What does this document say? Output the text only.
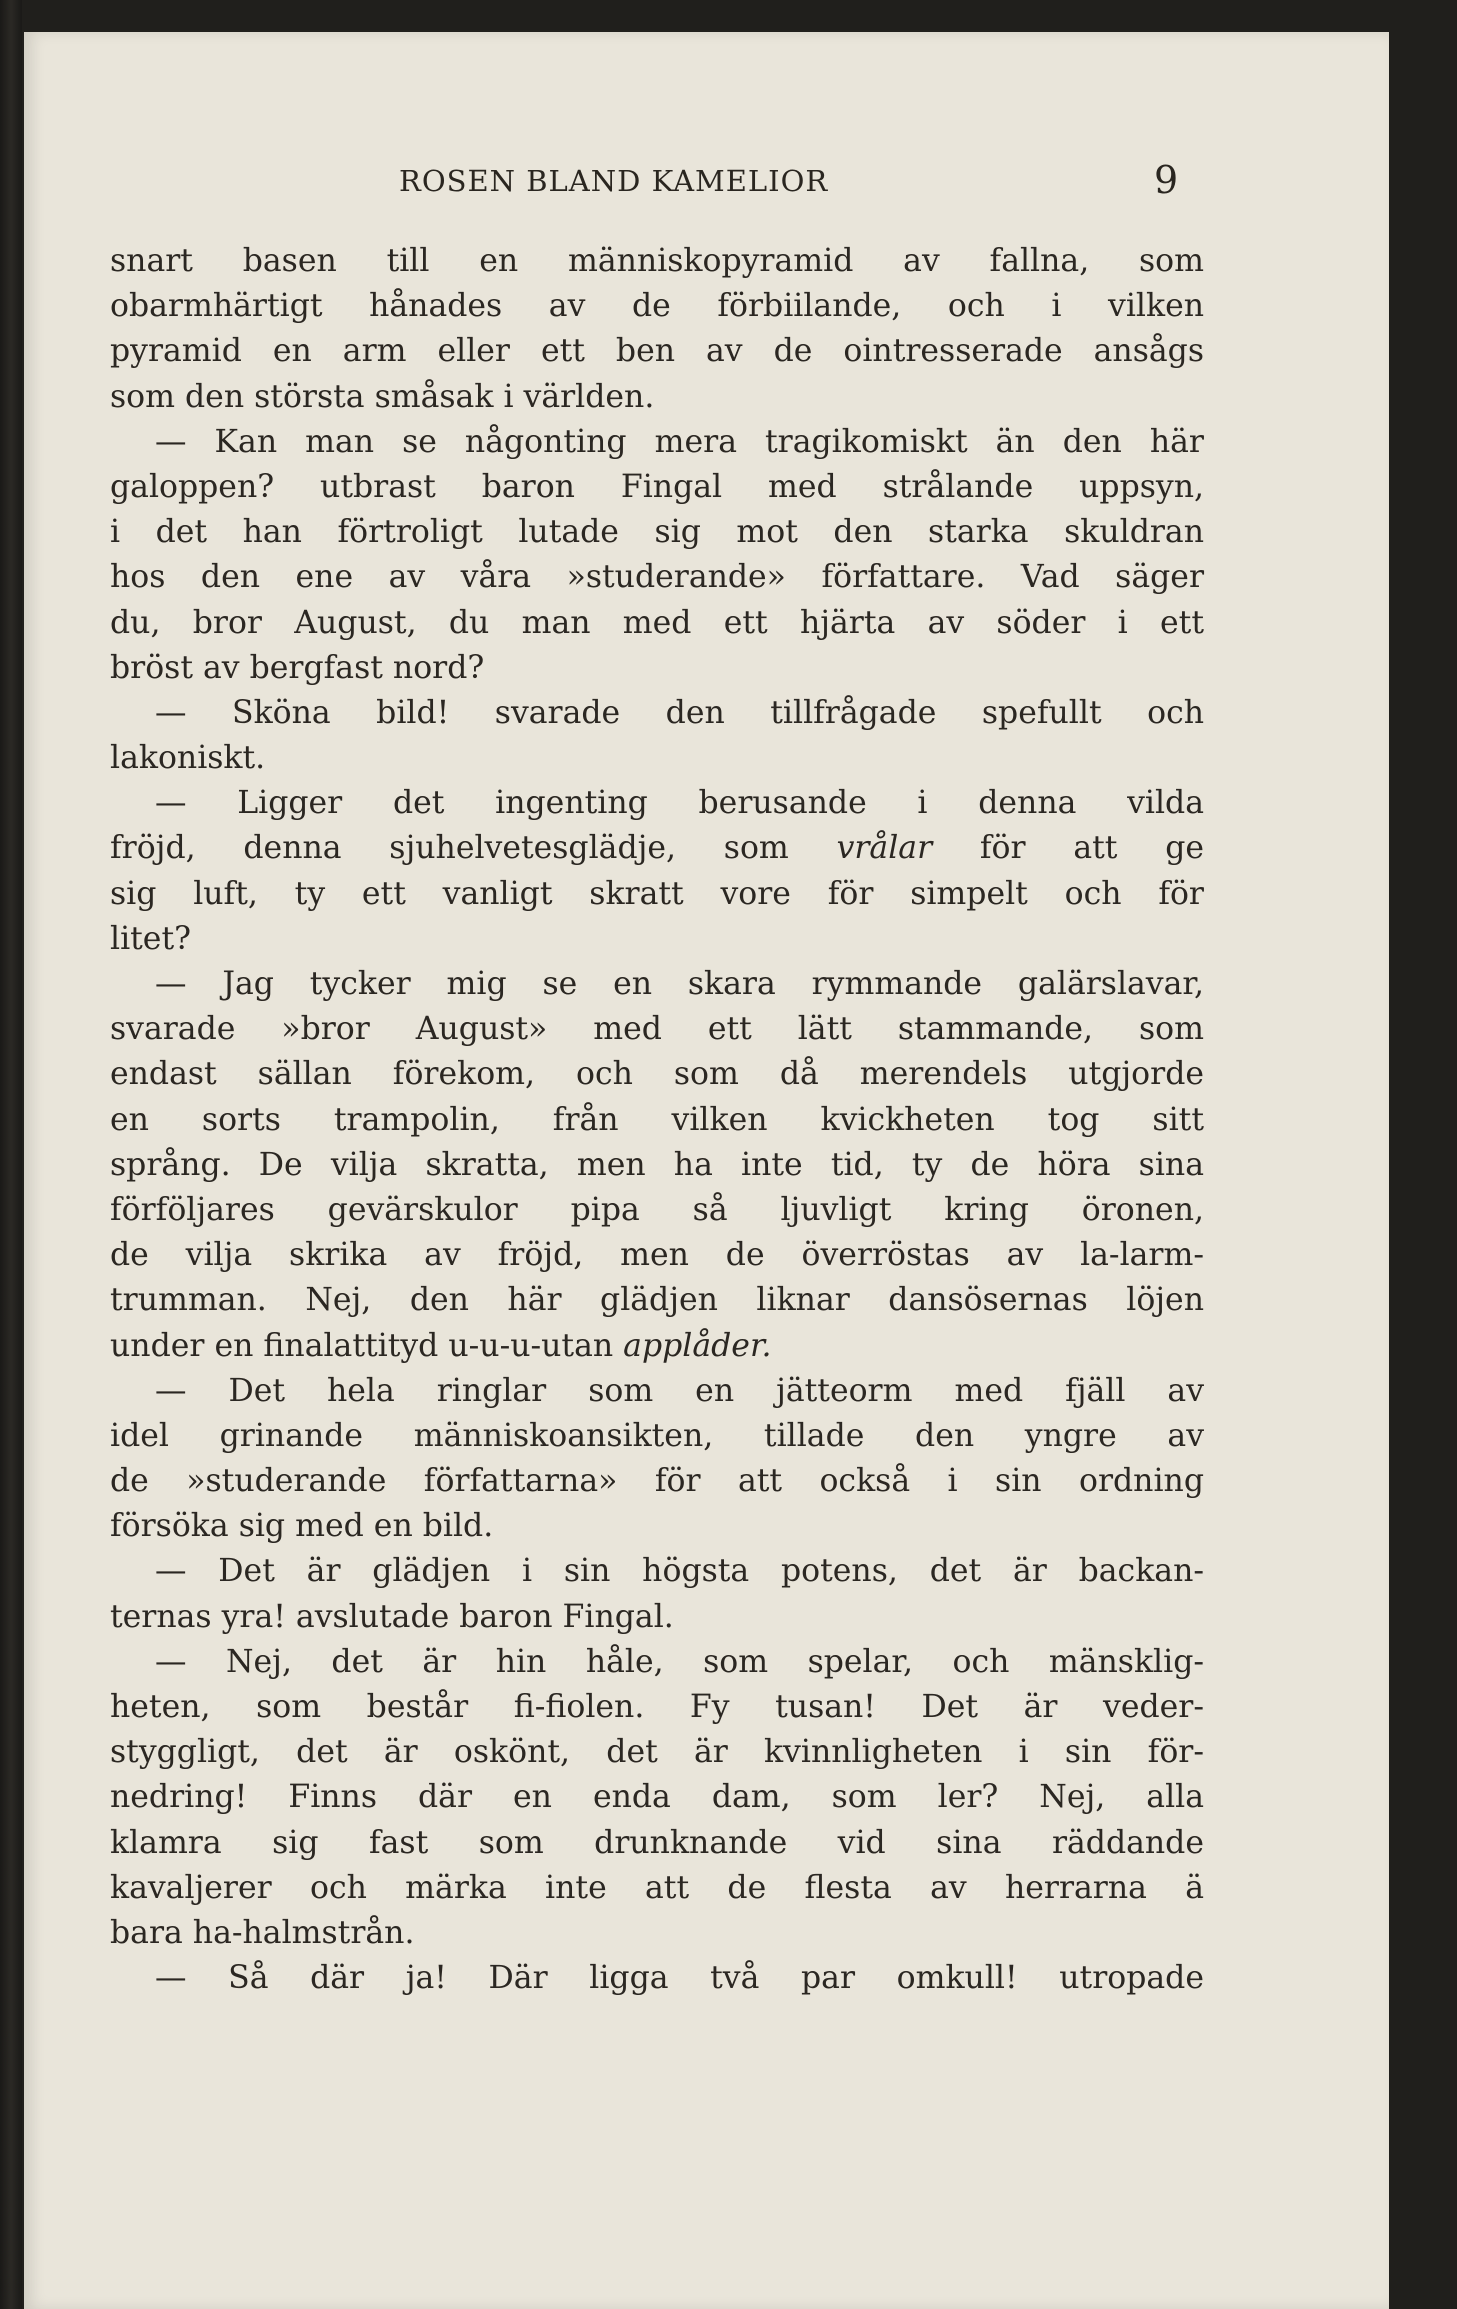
ROSEN BLAND KAMELIOR	9
snart basen till en människopyramid av fallna, som
obarmhärtigt hånades av de förbiilande, och i vilken
pyramid en arm eller ett ben av de ointresserade ansågs
som den största småsak i världen.
— Kan man se någonting mera tragikomiskt än den här
galoppen? utbrast baron Fingal med strålande uppsyn,
i det han förtroligt lutade sig mot den starka skuldran
hos den ene av våra »studerande» författare. Vad säger
du, bror August, du man med ett hjärta av söder i ett
bröst av bergfast nord?
— Sköna bild! svarade den tillfrågade spefullt och
lakoniskt.
— Ligger det ingenting berusande i denna vilda
fröjd, denna sjuhelvetesglädje, som vrålar för att ge
sig luft, ty ett vanligt skratt vore för simpelt och för
litet?
— Jag tycker mig se en skara rymmande galärslavar,
svarade »bror August» med ett lätt stammande, som
endast sällan förekom, och som då merendels utgjorde
en sorts trampolin, från vilken kvickheten tog sitt
språng. De vilja skratta, men ha inte tid, ty de höra sina
förföljares gevärskulor pipa så ljuvligt kring öronen,
de vilja skrika av fröjd, men de överröstas av la-larm-
trumman. Nej, den här glädjen liknar dansösernas löjen
under en finalattityd u-u-u-utan applåder.
— Det hela ringlar som en jätteorm med fjäll av
idel grinande människoansikten, tillade den yngre av
de »studerande författarna» för att också i sin ordning
försöka sig med en bild.
— Det är glädjen i sin högsta potens, det är backan-
ternas yra! avslutade baron Fingal.
— Nej, det är hin håle, som spelar, och mänsklig-
heten, som består fi-fiolen. Fy tusan! Det är veder-
styggligt, det är oskönt, det är kvinnligheten i sin för-
nedring! Finns där en enda dam, som ler? Nej, alla
klamra sig fast som drunknande vid sina räddande
kavaljerer och märka inte att de flesta av herrarna ä
bara ha-halmstrån.
— Så där ja! Där ligga två par omkull! utropade
